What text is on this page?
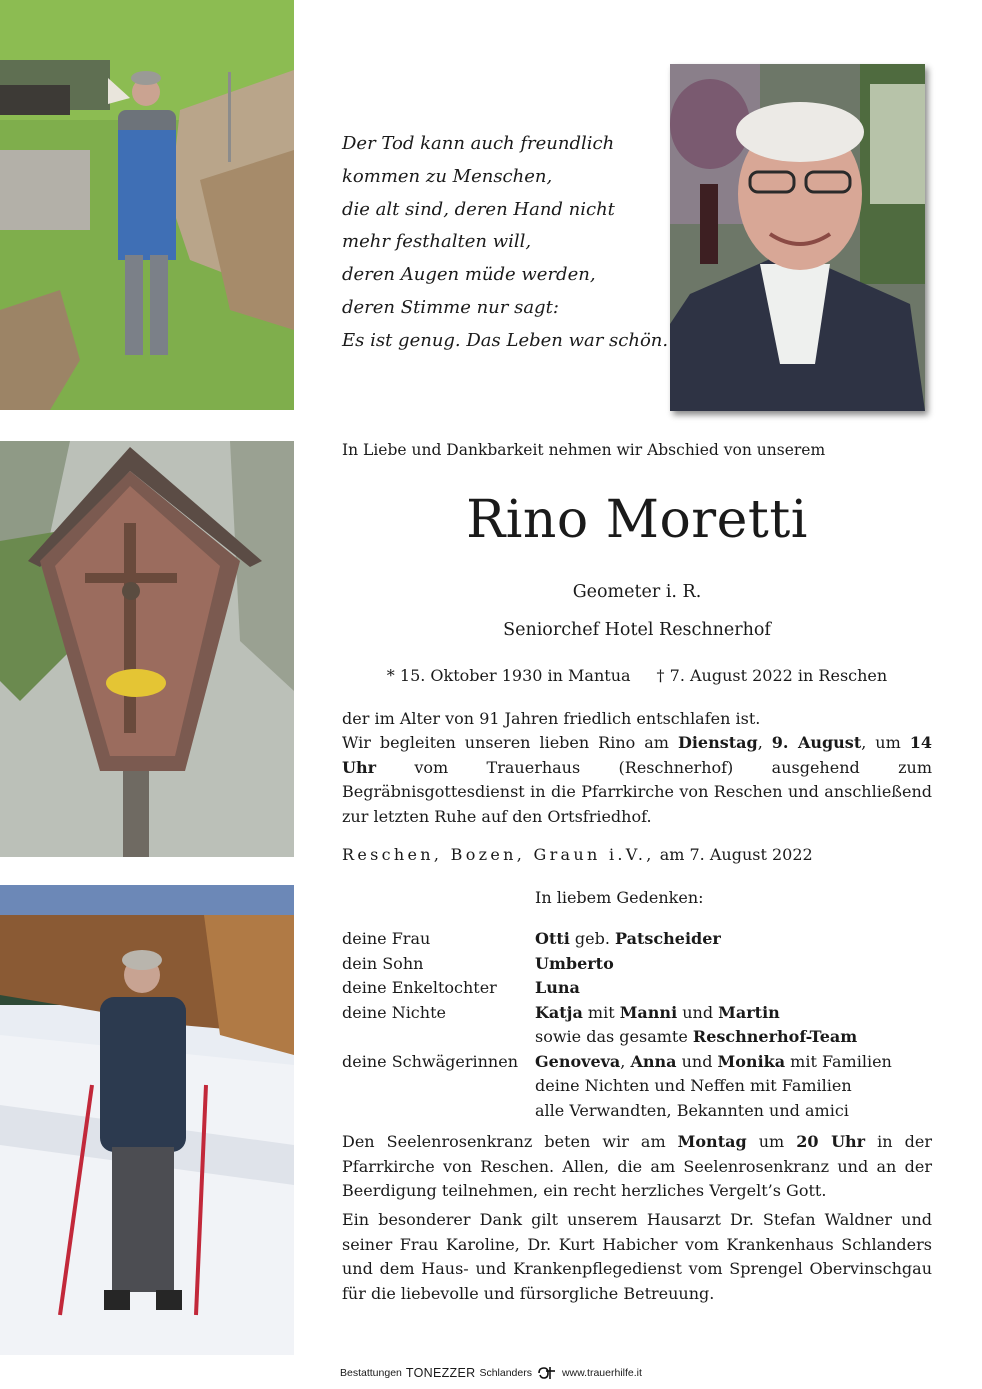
Der Tod kann auch freundlich
kommen zu Menschen,
die alt sind, deren Hand nicht
mehr festhalten will,
deren Augen müde werden,
deren Stimme nur sagt:
Es ist genug. Das Leben war schön.
In Liebe und Dankbarkeit nehmen wir Abschied von unserem
Rino Moretti
Geometer i. R.
Seniorchef Hotel Reschnerhof
* 15. Oktober 1930 in Mantua † 7. August 2022 in Reschen
der im Alter von 91 Jahren friedlich entschlafen ist.
Wir begleiten unseren lieben Rino am Dienstag, 9. August, um 14 Uhr vom Trauerhaus (Reschnerhof) ausgehend zum Begräbnisgottesdienst in die Pfarrkirche von Reschen und anschließend zur letzten Ruhe auf den Ortsfriedhof.
Reschen, Bozen, Graun i.V., am 7. August 2022
In liebem Gedenken:
deine Frau	Otti geb. Patscheider
dein Sohn	Umberto
deine Enkeltochter	Luna
deine Nichte	Katja mit Manni und Martin
sowie das gesamte Reschnerhof-Team
deine Schwägerinnen	Genoveva, Anna und Monika mit Familien
deine Nichten und Neffen mit Familien
alle Verwandten, Bekannten und amici
Den Seelenrosenkranz beten wir am Montag um 20 Uhr in der Pfarrkirche von Reschen. Allen, die am Seelenrosenkranz und an der Beerdigung teilnehmen, ein recht herzliches Vergelt’s Gott.
Ein besonderer Dank gilt unserem Hausarzt Dr. Stefan Waldner und seiner Frau Karoline, Dr. Kurt Habicher vom Krankenhaus Schlanders und dem Haus- und Krankenpflegedienst vom Sprengel Obervinschgau für die liebevolle und fürsorgliche Betreuung.
Bestattungen TONEZZER Schlanders	www.trauerhilfe.it
